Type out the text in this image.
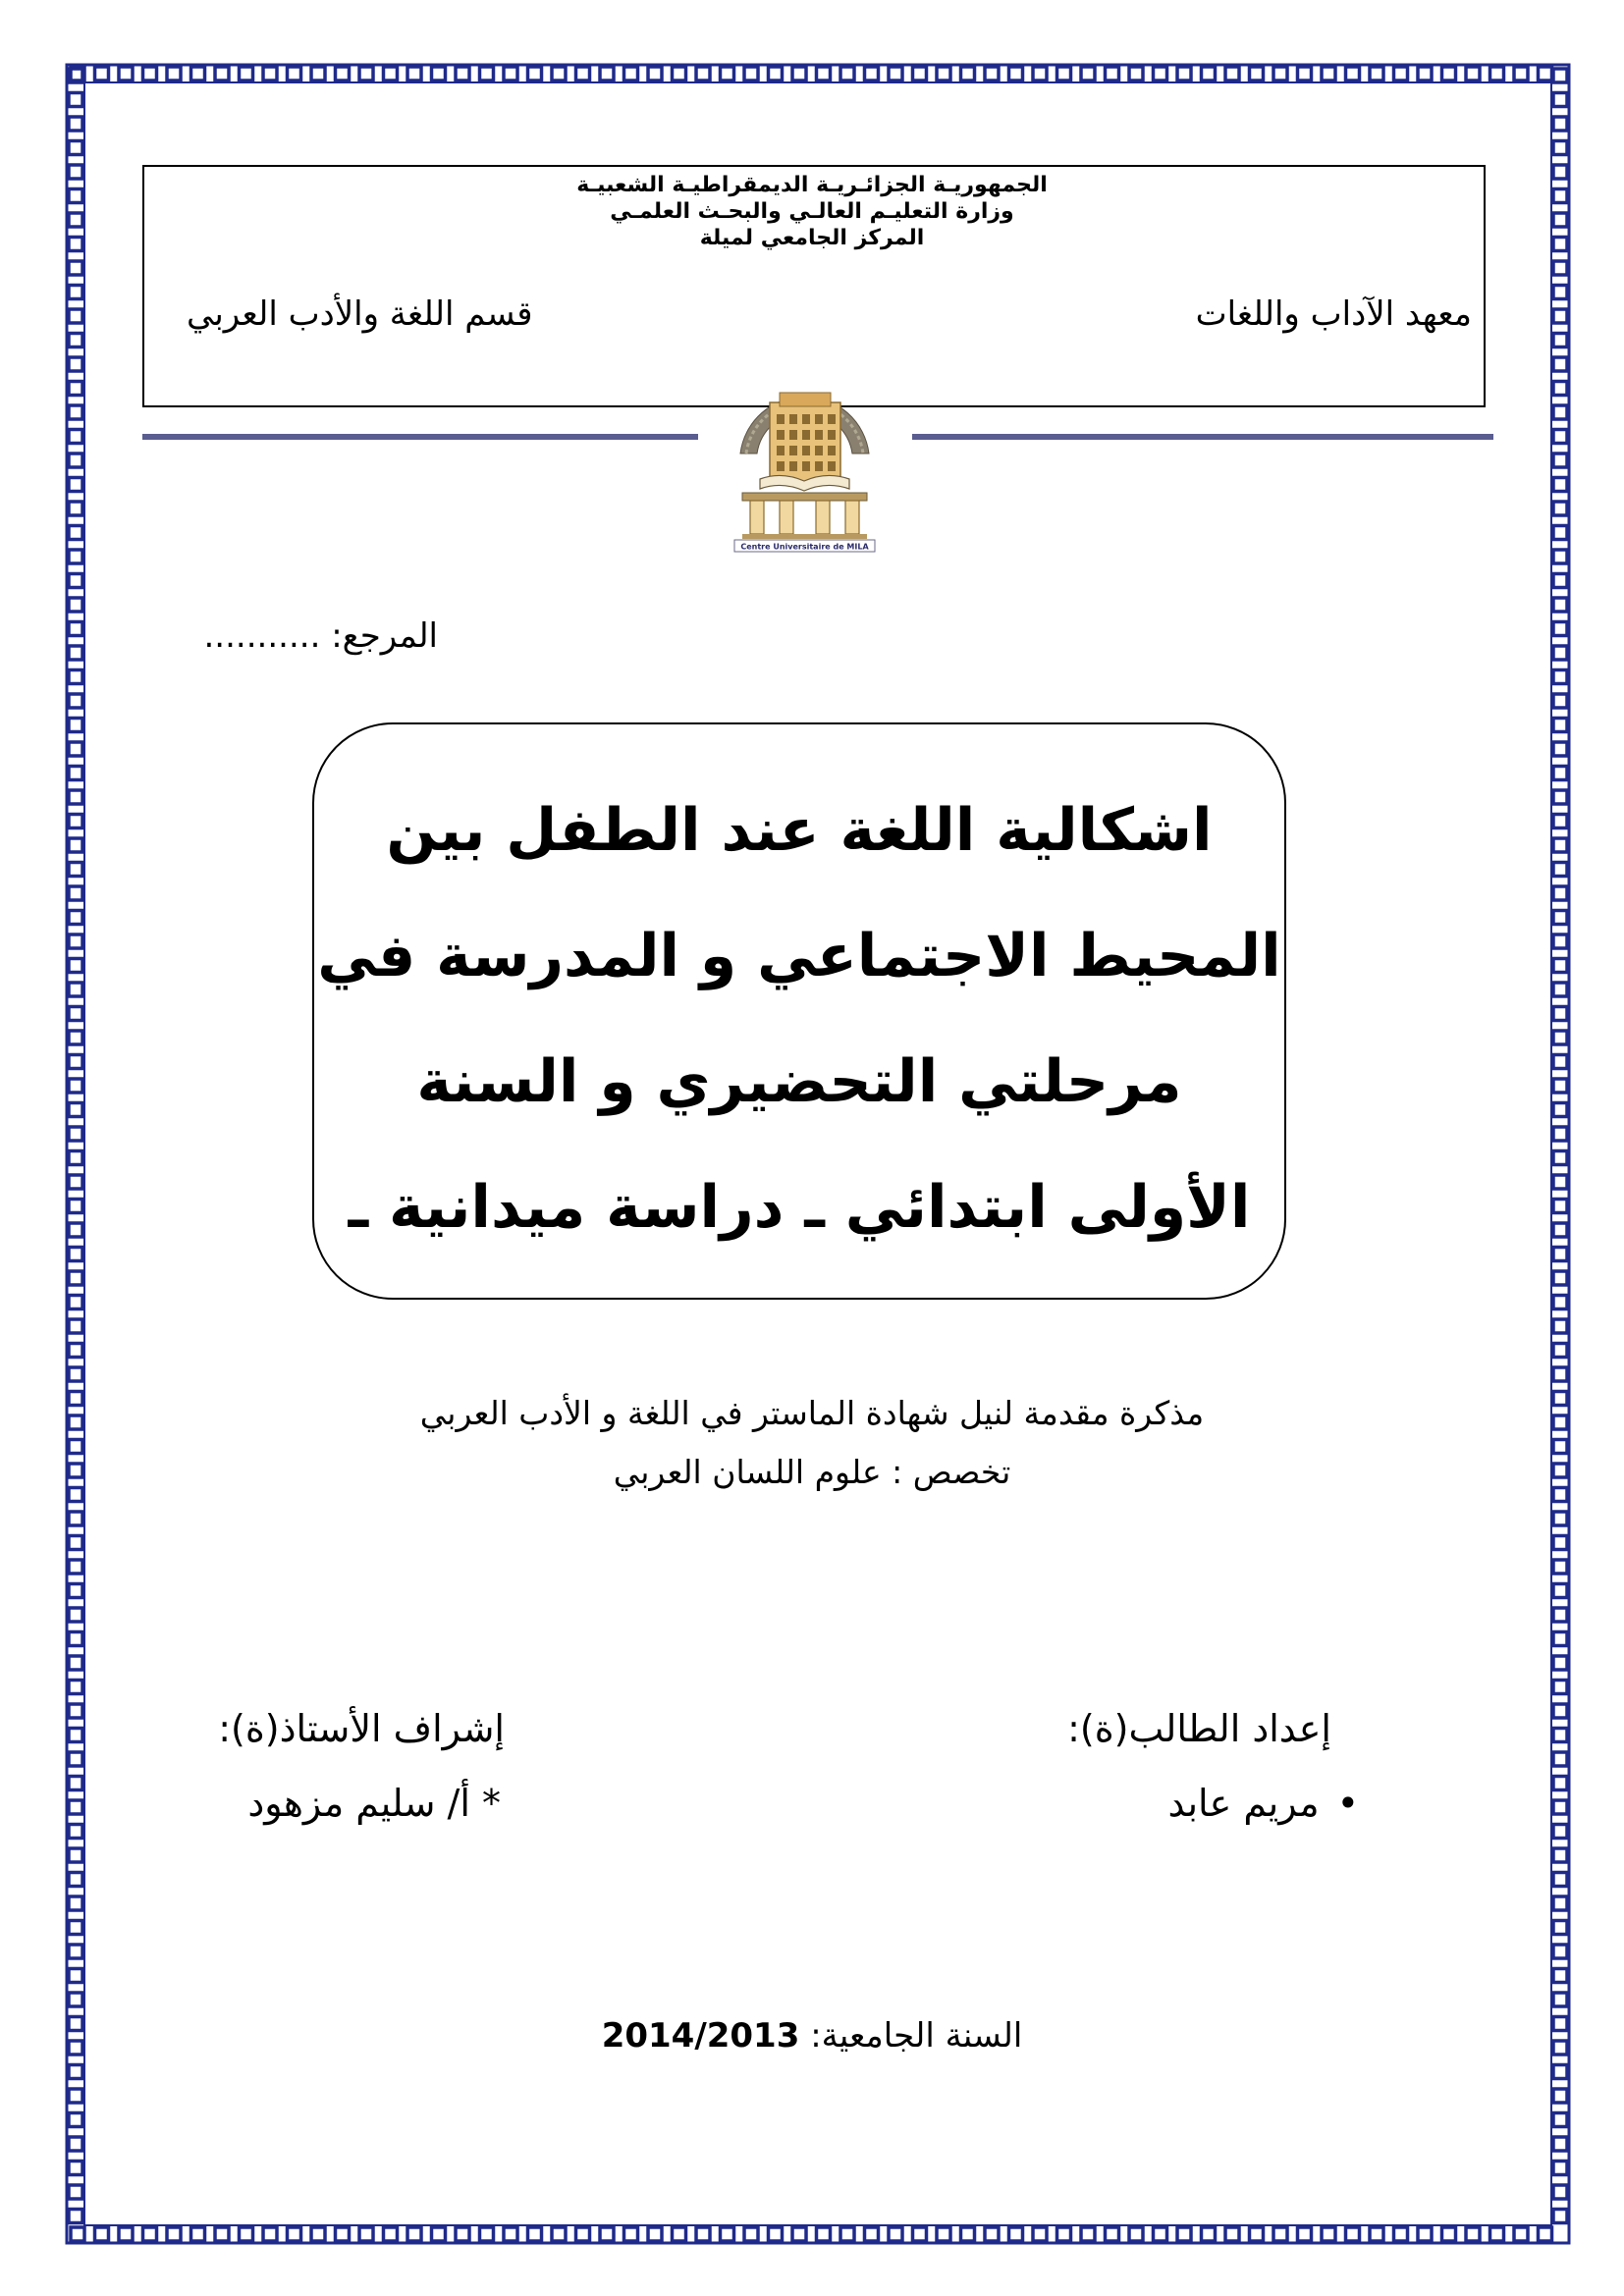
الجمهوريـة الجزائـريـة الديمقراطيـة الشعبيـة
وزارة التعليـم العالـي والبحـث العلمـي
المركز الجامعي لميلة
معهد الآداب واللغات
قسم اللغة والأدب العربي
Centre Universitaire de MILA
المرجع: ...........
اشكالية اللغة عند الطفل بين
المحيط الاجتماعي و المدرسة في
مرحلتي التحضيري و السنة
الأولى ابتدائي ـ دراسة ميدانية ـ
مذكرة مقدمة لنيل شهادة الماستر في اللغة و الأدب العربي
تخصص : علوم اللسان العربي
إعداد الطالب(ة):
•مريم عابد
إشراف الأستاذ(ة):
* أ/ سليم مزهود
السنة الجامعية: 2014/2013
